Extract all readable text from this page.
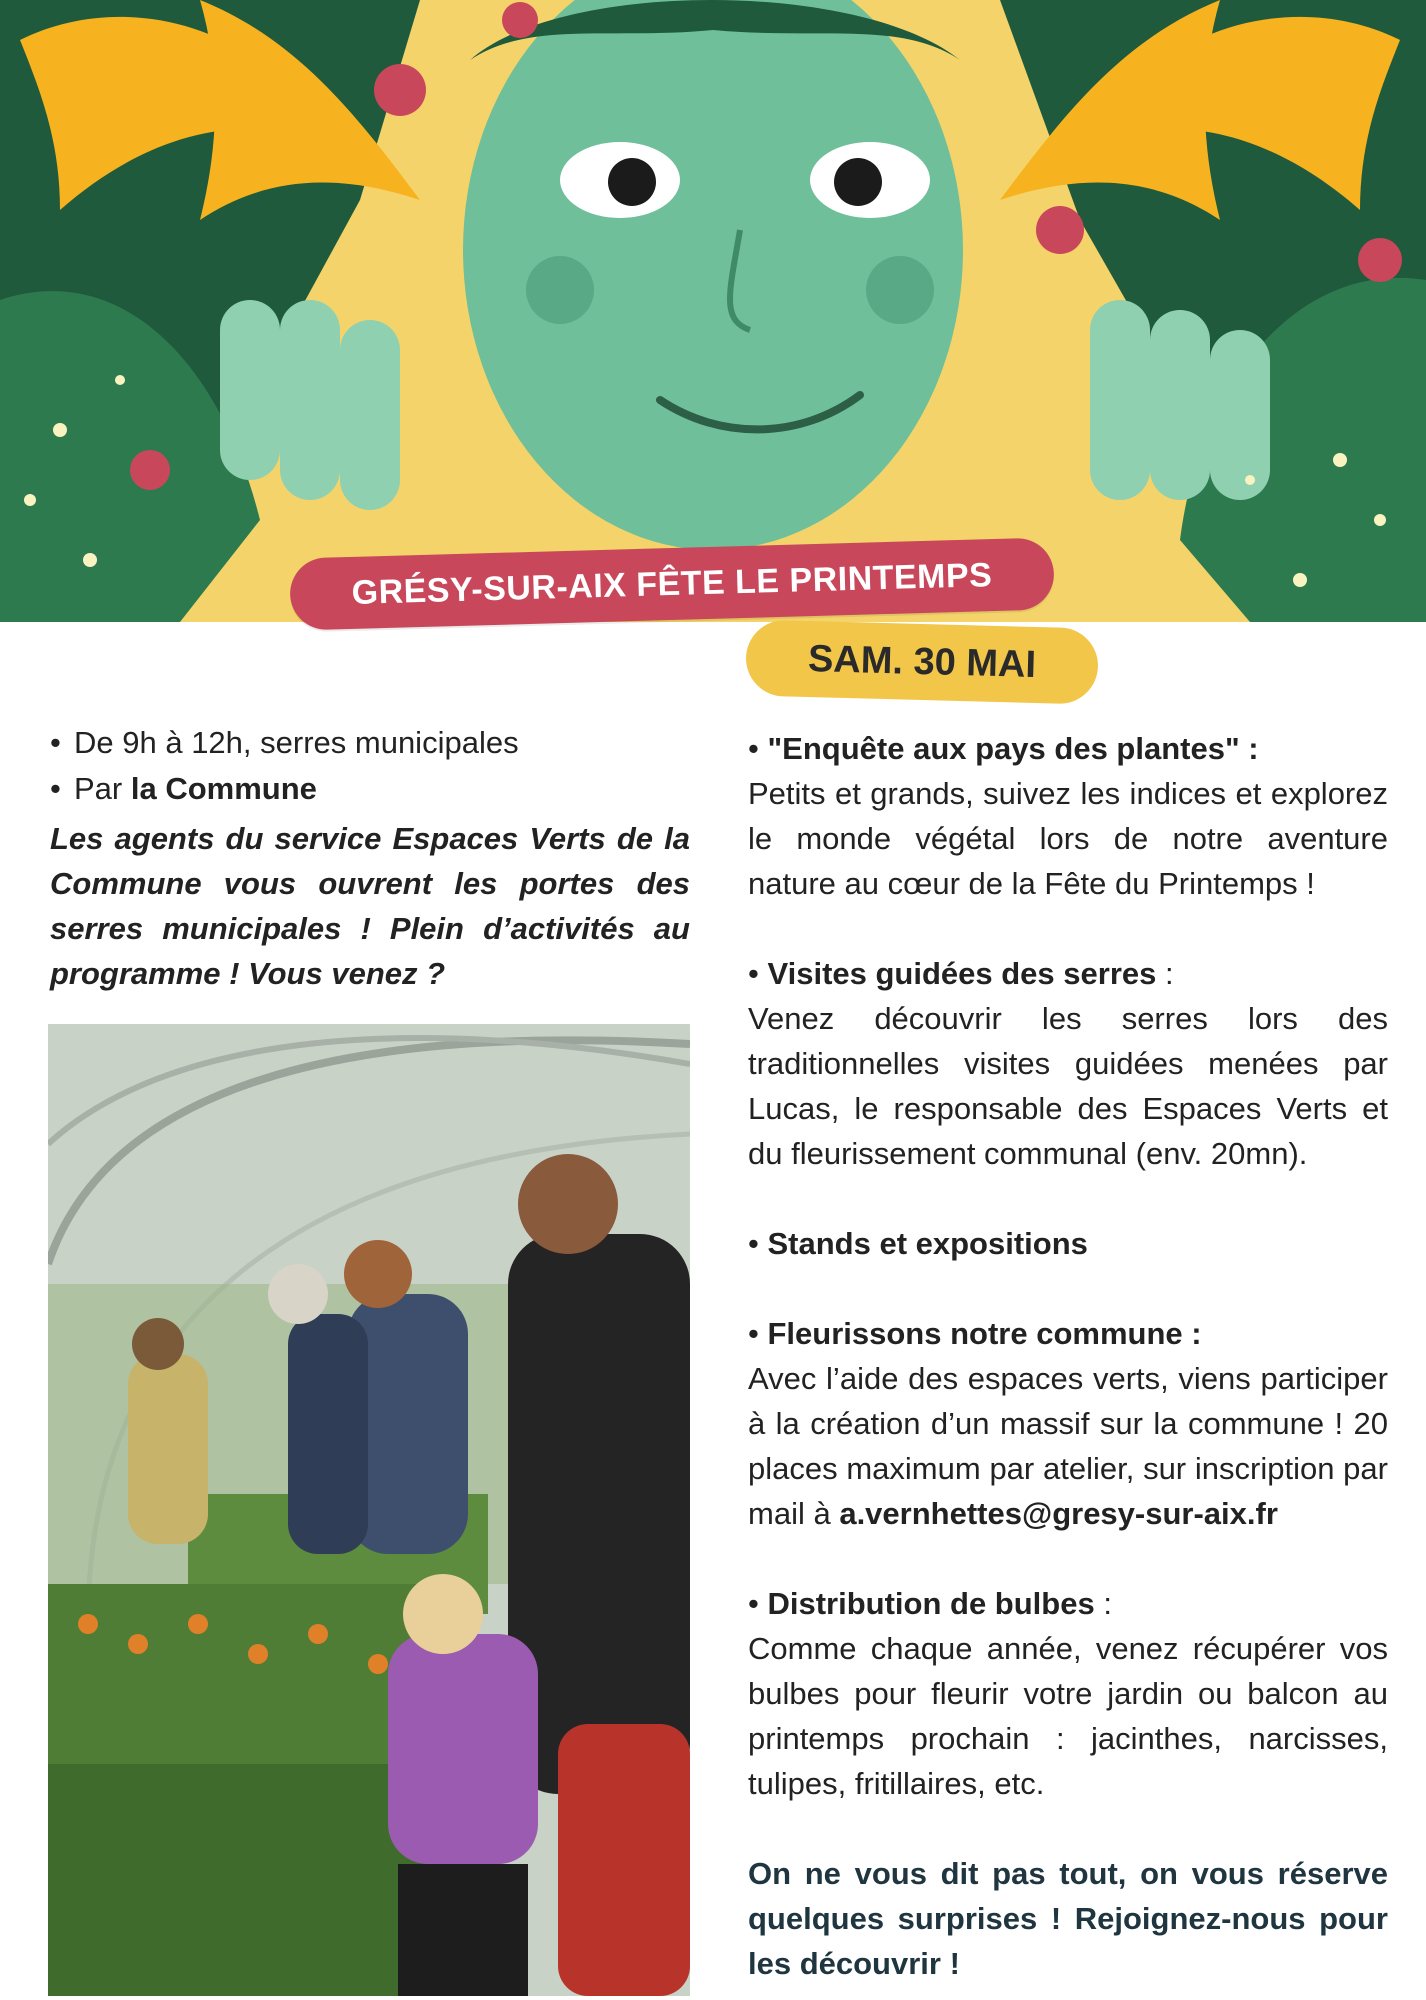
GRÉSY-SUR-AIX FÊTE LE PRINTEMPS
SAM. 30 MAI

• De 9h à 12h, serres municipales

• Par la Commune

Les agents du service Espaces Verts de la Commune vous ouvrent les portes des serres municipales ! Plein d’activités au programme ! Vous venez ?

• "Enquête aux pays des plantes" :

Petits et grands, suivez les indices et explorez le monde végétal lors de notre aventure nature au cœur de la Fête du Printemps !

• Visites guidées des serres :

Venez découvrir les serres lors des traditionnelles visites guidées menées par Lucas, le responsable des Espaces Verts et du fleurissement communal (env. 20mn).

• Stands et expositions

• Fleurissons notre commune :

Avec l’aide des espaces verts, viens participer à la création d’un massif sur la commune ! 20 places maximum par atelier, sur inscription par mail à a.vernhettes@gresy-sur-aix.fr

• Distribution de bulbes :

Comme chaque année, venez récupérer vos bulbes pour fleurir votre jardin ou balcon au printemps prochain : jacinthes, narcisses, tulipes, fritillaires, etc.

On ne vous dit pas tout, on vous réserve quelques surprises ! Rejoignez-nous pour les découvrir !
